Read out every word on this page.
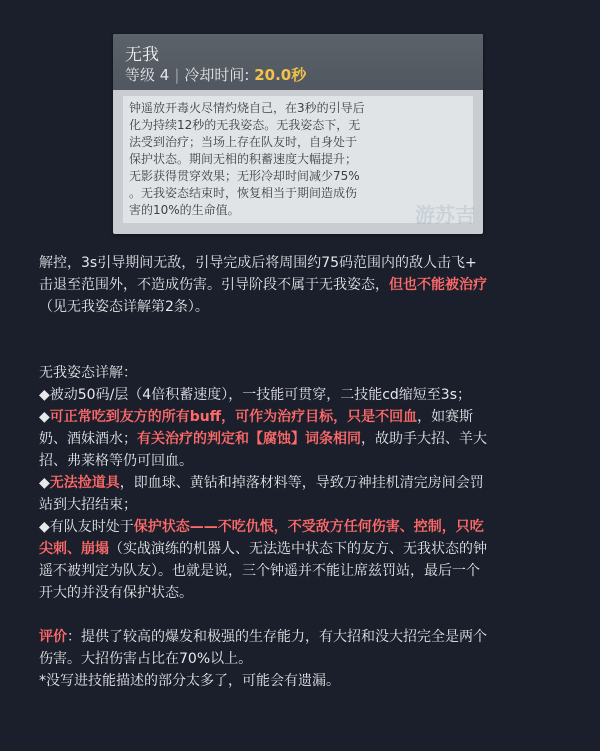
无我
等级 4 | 冷却时间: 20.0秒

钟遥放开毒火尽情灼烧自己，在3秒的引导后

化为持续12秒的无我姿态。无我姿态下，无

法受到治疗；当场上存在队友时，自身处于

保护状态。期间无相的积蓄速度大幅提升；

无影获得贯穿效果；无形冷却时间减少75%

。无我姿态结束时，恢复相当于期间造成伤

害的10%的生命值。	游苏吉

解控，3s引导期间无敌，引导完成后将周围约75码范围内的敌人击飞+

击退至范围外，不造成伤害。引导阶段不属于无我姿态，但也不能被治疗

（见无我姿态详解第2条）。

无我姿态详解：

◆被动50码/层（4倍积蓄速度），一技能可贯穿，二技能cd缩短至3s；

◆可正常吃到友方的所有buff，可作为治疗目标，只是不回血，如赛斯

奶、酒妹酒水；有关治疗的判定和【腐蚀】词条相同，故助手大招、羊大

招、弗莱格等仍可回血。

◆无法捡道具，即血球、黄钻和掉落材料等，导致万神挂机清完房间会罚

站到大招结束；

◆有队友时处于保护状态——不吃仇恨，不受敌方任何伤害、控制，只吃

尖刺、崩塌（实战演练的机器人、无法选中状态下的友方、无我状态的钟

遥不被判定为队友）。也就是说，三个钟遥并不能让席兹罚站，最后一个

开大的并没有保护状态。

评价：提供了较高的爆发和极强的生存能力，有大招和没大招完全是两个

伤害。大招伤害占比在70%以上。

*没写进技能描述的部分太多了，可能会有遗漏。
